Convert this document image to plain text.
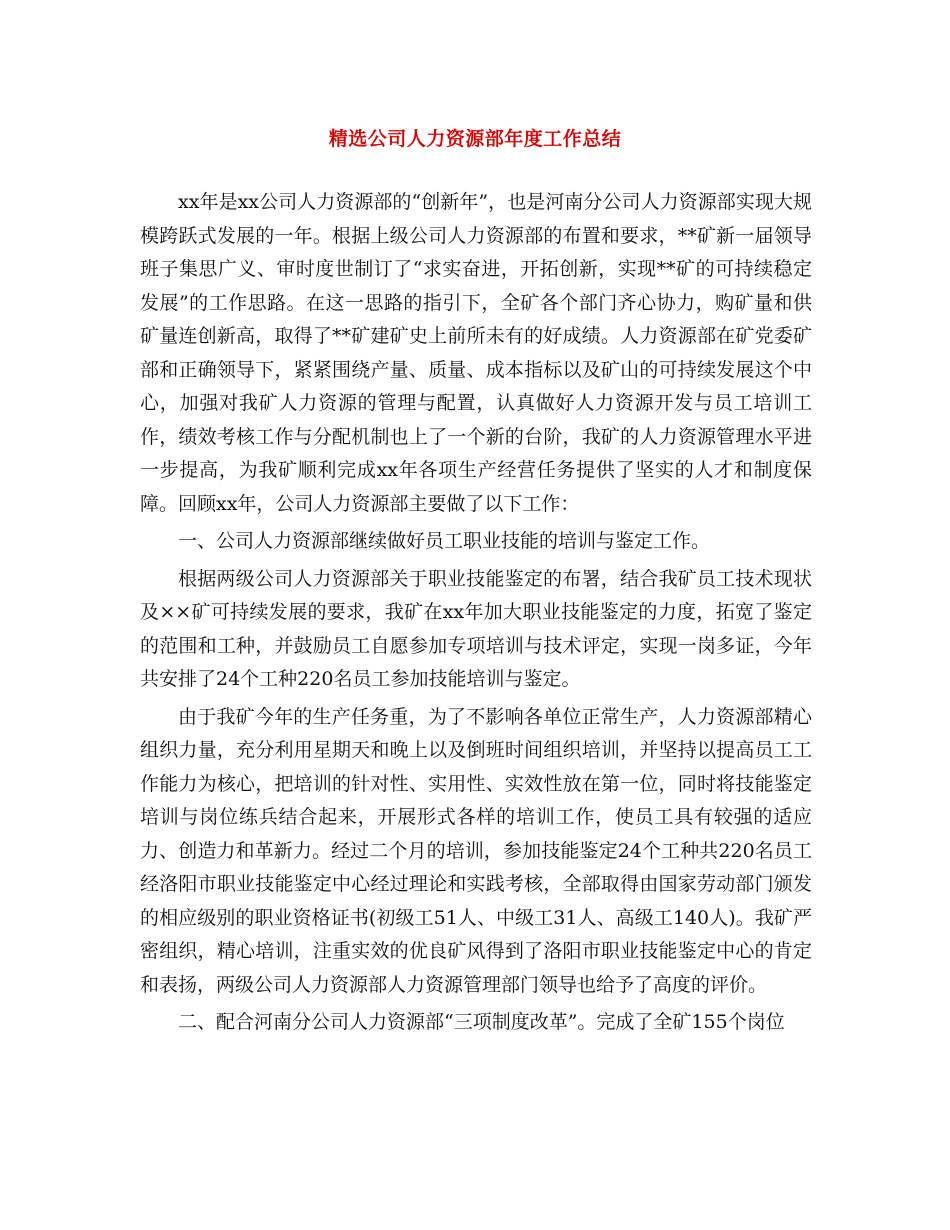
精选公司人力资源部年度工作总结

xx年是xx公司人力资源部的“创新年”，也是河南分公司人力资源部实现大规模跨跃式发展的一年。根据上级公司人力资源部的布置和要求，**矿新一届领导班子集思广义、审时度世制订了“求实奋进，开拓创新，实现**矿的可持续稳定发展”的工作思路。在这一思路的指引下，全矿各个部门齐心协力，购矿量和供矿量连创新高，取得了**矿建矿史上前所未有的好成绩。人力资源部在矿党委矿部和正确领导下，紧紧围绕产量、质量、成本指标以及矿山的可持续发展这个中心，加强对我矿人力资源的管理与配置，认真做好人力资源开发与员工培训工作，绩效考核工作与分配机制也上了一个新的台阶，我矿的人力资源管理水平进一步提高，为我矿顺利完成xx年各项生产经营任务提供了坚实的人才和制度保障。回顾xx年，公司人力资源部主要做了以下工作：

一、公司人力资源部继续做好员工职业技能的培训与鉴定工作。

根据两级公司人力资源部关于职业技能鉴定的布署，结合我矿员工技术现状及××矿可持续发展的要求，我矿在xx年加大职业技能鉴定的力度，拓宽了鉴定的范围和工种，并鼓励员工自愿参加专项培训与技术评定，实现一岗多证，今年共安排了24个工种220名员工参加技能培训与鉴定。

由于我矿今年的生产任务重，为了不影响各单位正常生产，人力资源部精心组织力量，充分利用星期天和晚上以及倒班时间组织培训，并坚持以提高员工工作能力为核心，把培训的针对性、实用性、实效性放在第一位，同时将技能鉴定培训与岗位练兵结合起来，开展形式各样的培训工作，使员工具有较强的适应力、创造力和革新力。经过二个月的培训，参加技能鉴定24个工种共220名员工经洛阳市职业技能鉴定中心经过理论和实践考核，全部取得由国家劳动部门颁发的相应级别的职业资格证书(初级工51人、中级工31人、高级工140人)。我矿严密组织，精心培训，注重实效的优良矿风得到了洛阳市职业技能鉴定中心的肯定和表扬，两级公司人力资源部人力资源管理部门领导也给予了高度的评价。

二、配合河南分公司人力资源部“三项制度改革”。完成了全矿155个岗位
